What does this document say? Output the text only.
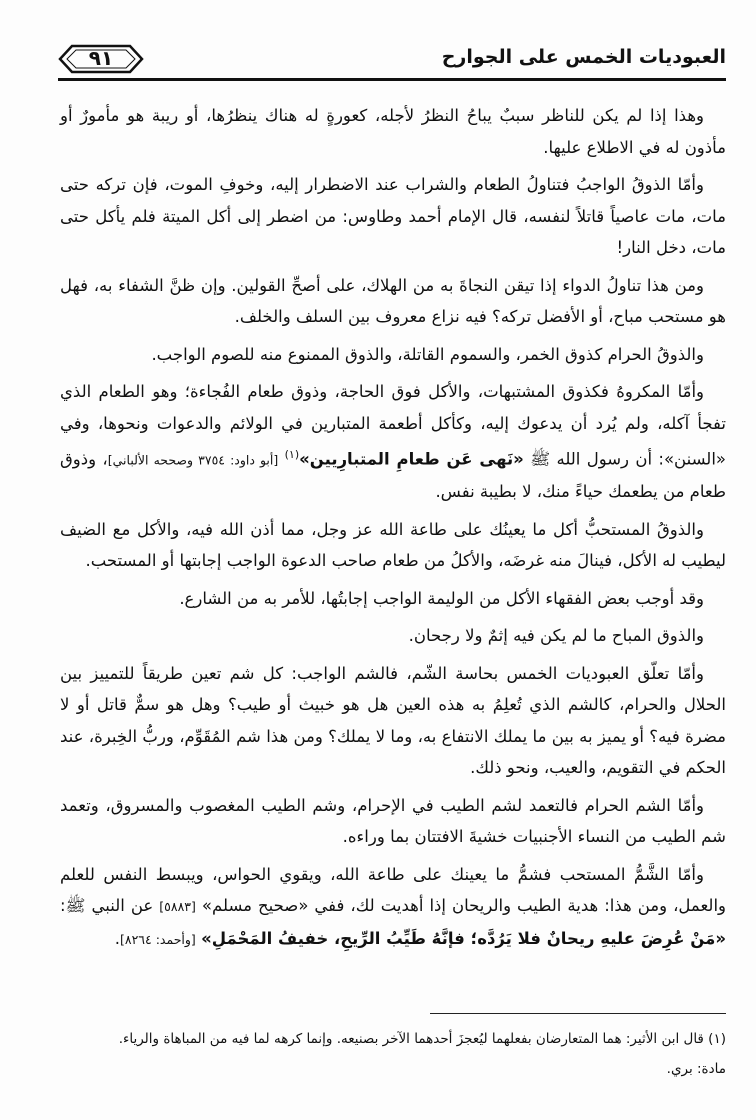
٩١	العبوديات الخمس على الجوارح

وهذا إذا لم يكن للناظر سببٌ يباحُ النظرُ لأجله، كعورةٍ له هناك ينظرُها، أو ريبة هو مأمورٌ أو مأذون له في الاطلاع عليها.

وأمّا الذوقُ الواجبُ فتناولُ الطعام والشراب عند الاضطرار إليه، وخوفِ الموت، فإن تركه حتى مات، مات عاصياً قاتلاً لنفسه، قال الإمام أحمد وطاوس: من اضطر إلى أكل الميتة فلم يأكل حتى مات، دخل النار!

ومن هذا تناولُ الدواء إذا تيقن النجاةَ به من الهلاك، على أصحِّ القولين. وإن ظنَّ الشفاء به، فهل هو مستحب مباح، أو الأفضل تركه؟ فيه نزاع معروف بين السلف والخلف.

والذوقُ الحرام كذوق الخمر، والسموم القاتلة، والذوق الممنوع منه للصوم الواجب.

وأمّا المكروهُ فكذوق المشتبهات، والأكل فوق الحاجة، وذوق طعام الفُجاءة؛ وهو الطعام الذي تفجأ آكله، ولم يُرد أن يدعوك إليه، وكأكل أطعمة المتبارين في الولائم والدعوات ونحوها، وفي «السنن»: أن رسول الله ﷺ «نَهى عَن طعامِ المتبارِيين»$^{(١)}$ [أبو داود: ٣٧٥٤ وصححه الألباني]، وذوق طعام من يطعمك حياءً منك، لا بطيبة نفس.

والذوقُ المستحبُّ أكل ما يعينُك على طاعة الله عز وجل، مما أذن الله فيه، والأكل مع الضيف ليطيب له الأكل، فينالَ منه غرضَه، والأكلُ من طعام صاحب الدعوة الواجب إجابتها أو المستحب.

وقد أوجب بعض الفقهاء الأكل من الوليمة الواجب إجابتُها، للأمر به من الشارع.

والذوق المباح ما لم يكن فيه إثمٌ ولا رجحان.

وأمّا تعلّق العبوديات الخمس بحاسة الشّم، فالشم الواجب: كل شم تعين طريقاً للتمييز بين الحلال والحرام، كالشم الذي تُعلِمُ به هذه العين هل هو خبيث أو طيب؟ وهل هو سمٌّ قاتل أو لا مضرة فيه؟ أو يميز به بين ما يملك الانتفاع به، وما لا يملك؟ ومن هذا شم المُقَوِّم، وربُّ الخِبرة، عند الحكم في التقويم، والعيب، ونحو ذلك.

وأمّا الشم الحرام فالتعمد لشم الطيب في الإحرام، وشم الطيب المغصوب والمسروق، وتعمد شم الطيب من النساء الأجنبيات خشيةَ الافتتان بما وراءه.

وأمّا الشَّمُّ المستحب فشمُّ ما يعينك على طاعة الله، ويقوي الحواس، ويبسط النفس للعلم والعمل، ومن هذا: هدية الطيب والريحان إذا أهديت لك، ففي «صحيح مسلم» [٥٨٨٣] عن النبي ﷺ: «مَنْ عُرِضَ عليهِ ريحانٌ فلا يَرُدَّه؛ فإنَّهُ طَيِّبُ الرِّيحِ، خفيفُ المَحْمَلِ» [وأحمد: ٨٢٦٤].

(١) قال ابن الأثير: هما المتعارضان بفعلهما ليُعجزَ أحدهما الآخر بصنيعه. وإنما كرهه لما فيه من المباهاة والرياء.

مادة: بري.
